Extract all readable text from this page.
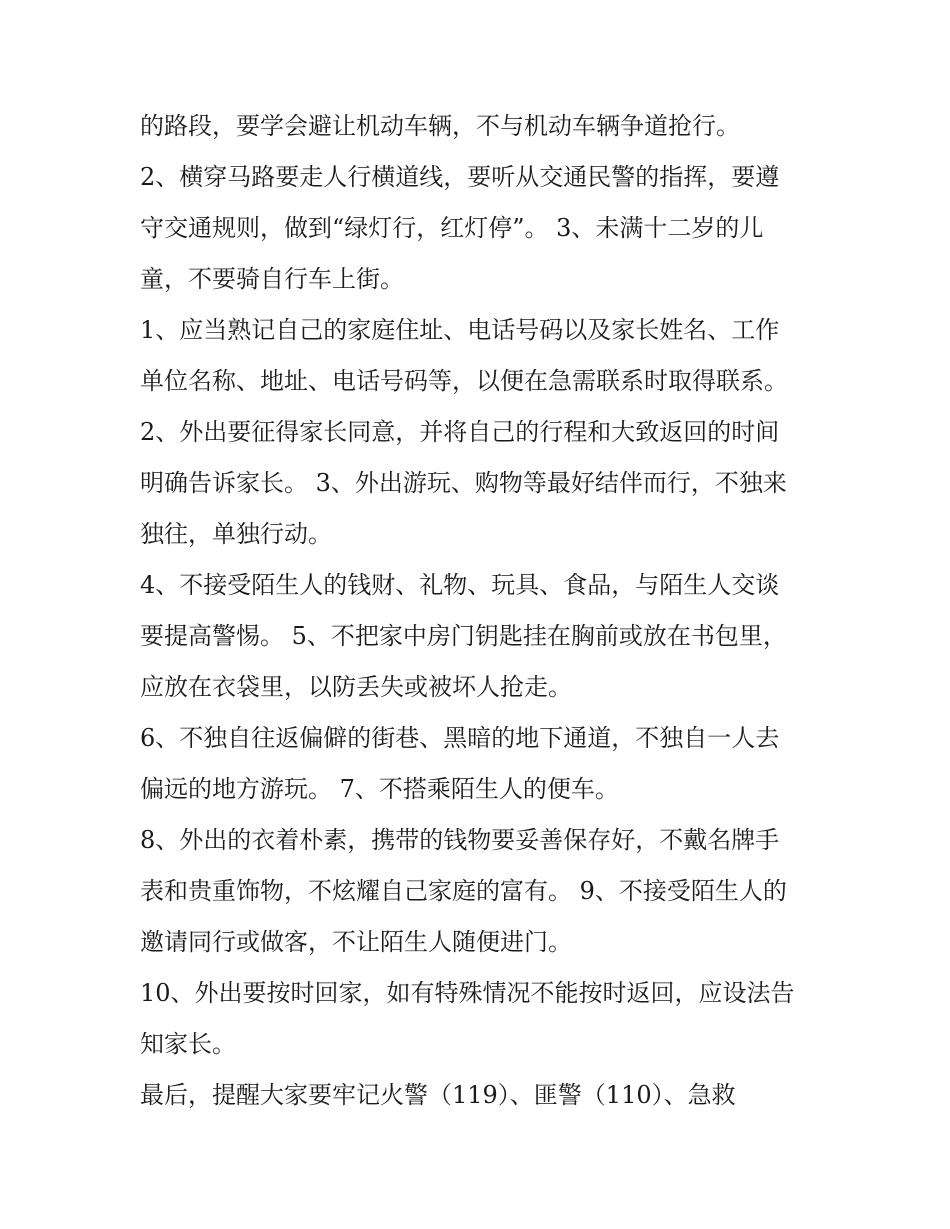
的路段，要学会避让机动车辆，不与机动车辆争道抢行。
2、横穿马路要走人行横道线，要听从交通民警的指挥，要遵
守交通规则，做到“绿灯行，红灯停”。 3、未满十二岁的儿
童，不要骑自行车上街。
1、应当熟记自己的家庭住址、电话号码以及家长姓名、工作
单位名称、地址、电话号码等，以便在急需联系时取得联系。
2、外出要征得家长同意，并将自己的行程和大致返回的时间
明确告诉家长。 3、外出游玩、购物等最好结伴而行，不独来
独往，单独行动。
4、不接受陌生人的钱财、礼物、玩具、食品，与陌生人交谈
要提高警惕。 5、不把家中房门钥匙挂在胸前或放在书包里，
应放在衣袋里，以防丢失或被坏人抢走。
6、不独自往返偏僻的街巷、黑暗的地下通道，不独自一人去
偏远的地方游玩。 7、不搭乘陌生人的便车。
8、外出的衣着朴素，携带的钱物要妥善保存好，不戴名牌手
表和贵重饰物，不炫耀自己家庭的富有。 9、不接受陌生人的
邀请同行或做客，不让陌生人随便进门。
10、外出要按时回家，如有特殊情况不能按时返回，应设法告
知家长。
最后，提醒大家要牢记火警（119）、匪警（110）、急救
